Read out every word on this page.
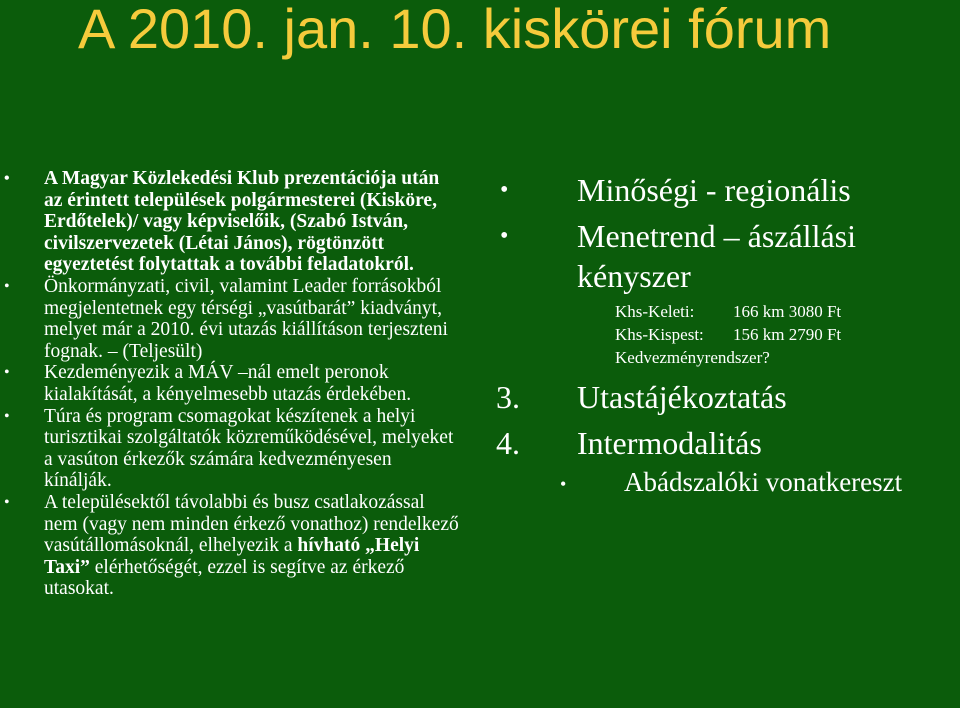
A 2010. jan. 10. kiskörei fórum
• A Magyar Közlekedési Klub prezentációja után az érintett települések polgármesterei (Kisköre, Erdőtelek)/ vagy képviselőik, (Szabó István, civilszervezetek (Létai János), rögtönzött egyeztetést folytattak a további feladatokról.
• Önkormányzati, civil, valamint Leader forrásokból megjelentetnek egy térségi „vasútbarát” kiadványt, melyet már a 2010. évi utazás kiállításon terjeszteni fognak. – (Teljesült)
• Kezdeményezik a MÁV –nál emelt peronok kialakítását, a kényelmesebb utazás érdekében.
• Túra és program csomagokat készítenek a helyi turisztikai szolgáltatók közreműködésével, melyeket a vasúton érkezők számára kedvezményesen kínálják.
• A településektől távolabbi és busz csatlakozással nem (vagy nem minden érkező vonathoz) rendelkező vasútállomásoknál, elhelyezik a hívható „Helyi Taxi” elérhetőségét, ezzel is segítve az érkező utasokat.
• Minőségi - regionális
• Menetrend – ászállási
kényszer
Khs-Keleti: 166 km 3080 Ft
Khs-Kispest: 156 km 2790 Ft
Kedvezményrendszer?
3. Utastájékoztatás
4. Intermodalitás
• Abádszalóki vonatkereszt
